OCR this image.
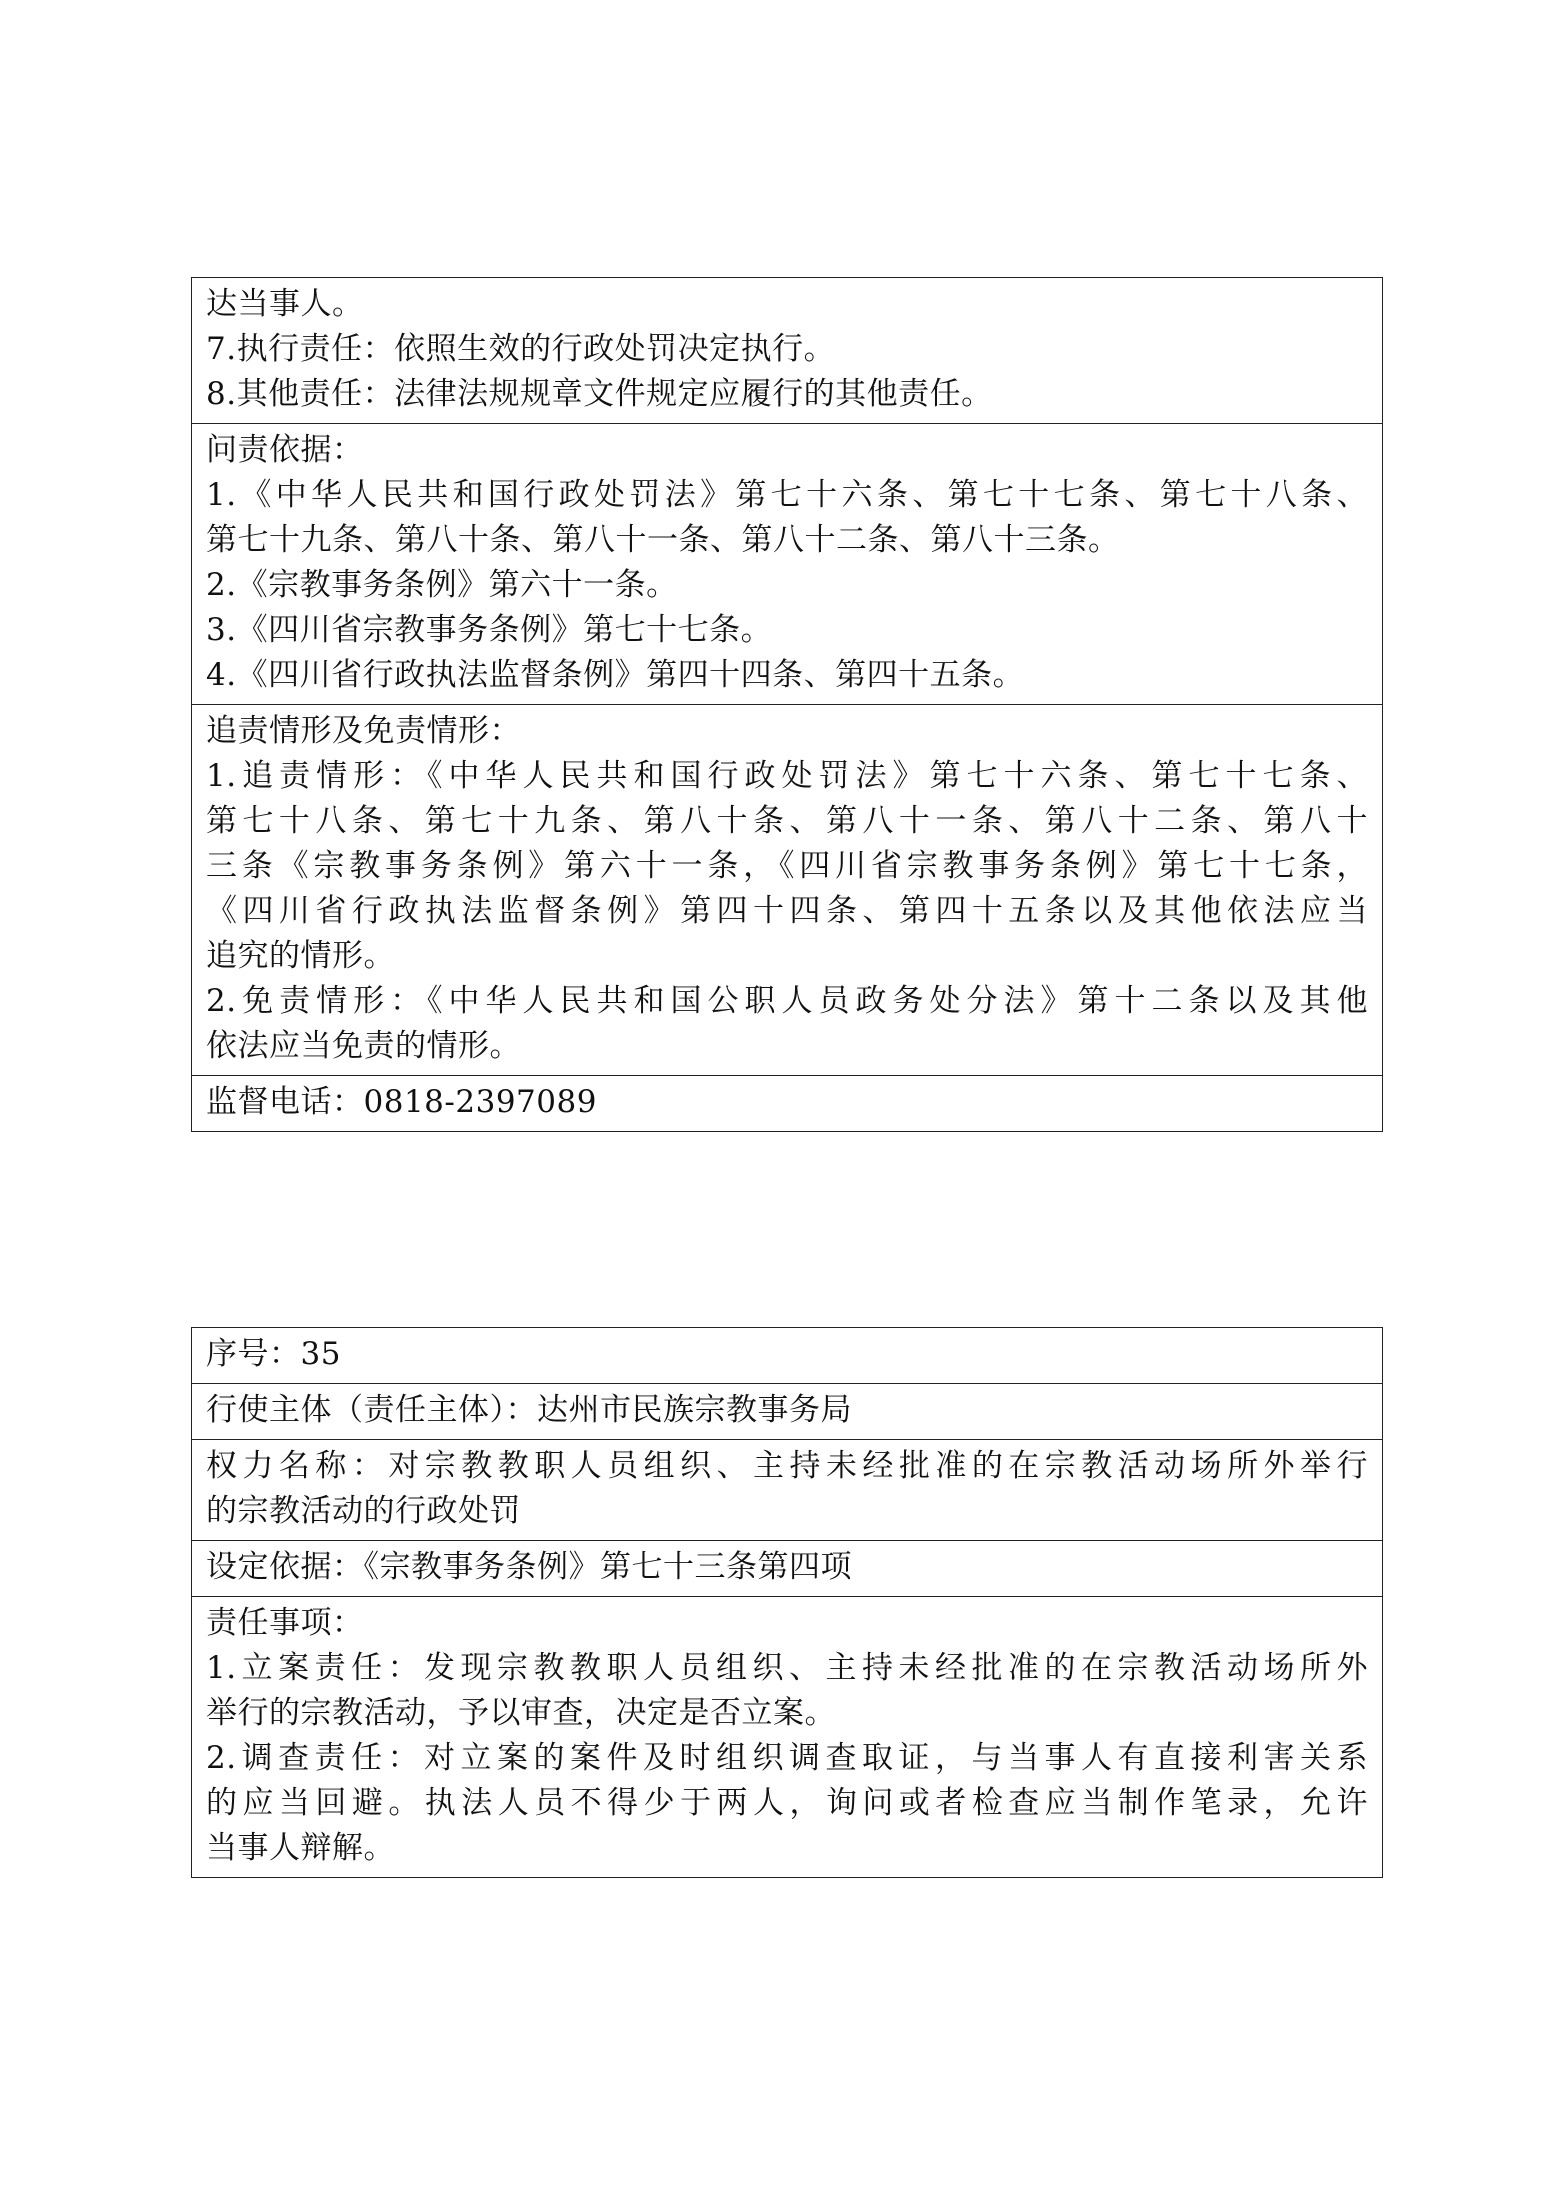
达当事人。
7.执行责任：依照生效的行政处罚决定执行。
8.其他责任：法律法规规章文件规定应履行的其他责任。
问责依据：
1.《中华人民共和国行政处罚法》第七十六条、第七十七条、第七十八条、
第七十九条、第八十条、第八十一条、第八十二条、第八十三条。
2.《宗教事务条例》第六十一条。
3.《四川省宗教事务条例》第七十七条。
4.《四川省行政执法监督条例》第四十四条、第四十五条。
追责情形及免责情形：
1.追责情形：《中华人民共和国行政处罚法》第七十六条、第七十七条、
第七十八条、第七十九条、第八十条、第八十一条、第八十二条、第八十
三条《宗教事务条例》第六十一条，《四川省宗教事务条例》第七十七条，
《四川省行政执法监督条例》第四十四条、第四十五条以及其他依法应当
追究的情形。
2.免责情形：《中华人民共和国公职人员政务处分法》第十二条以及其他
依法应当免责的情形。
监督电话：0818-2397089
序号：35
行使主体（责任主体）：达州市民族宗教事务局
权力名称：对宗教教职人员组织、主持未经批准的在宗教活动场所外举行
的宗教活动的行政处罚
设定依据：《宗教事务条例》第七十三条第四项
责任事项：
1.立案责任：发现宗教教职人员组织、主持未经批准的在宗教活动场所外
举行的宗教活动，予以审查，决定是否立案。
2.调查责任：对立案的案件及时组织调查取证，与当事人有直接利害关系
的应当回避。执法人员不得少于两人，询问或者检查应当制作笔录，允许
当事人辩解。
